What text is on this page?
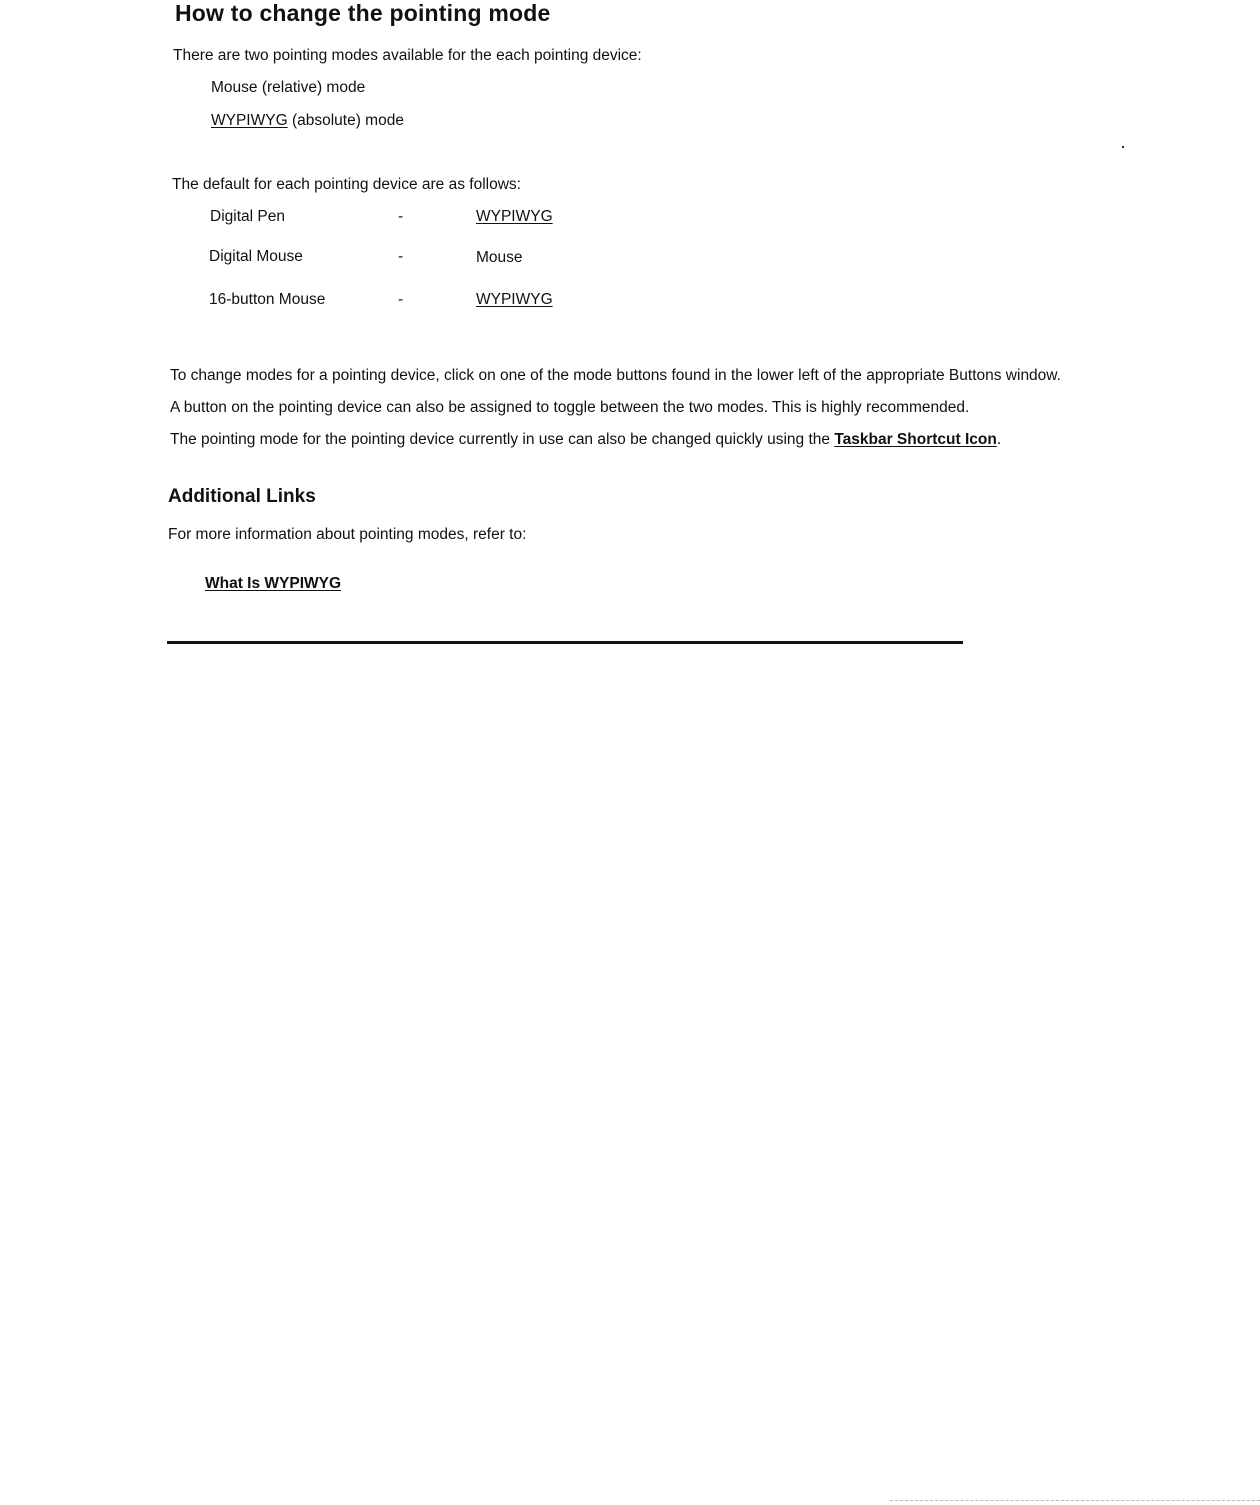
How to change the pointing mode

There are two pointing modes available for the each pointing device:

Mouse (relative) mode

WYPIWYG (absolute) mode

The default for each pointing device are as follows:

Digital Pen	-	WYPIWYG

Digital Mouse	-	Mouse

16-button Mouse	-	WYPIWYG

To change modes for a pointing device, click on one of the mode buttons found in the lower left of the appropriate Buttons window.

A button on the pointing device can also be assigned to toggle between the two modes. This is highly recommended.

The pointing mode for the pointing device currently in use can also be changed quickly using the Taskbar Shortcut Icon.

Additional Links

For more information about pointing modes, refer to:

What Is WYPIWYG
